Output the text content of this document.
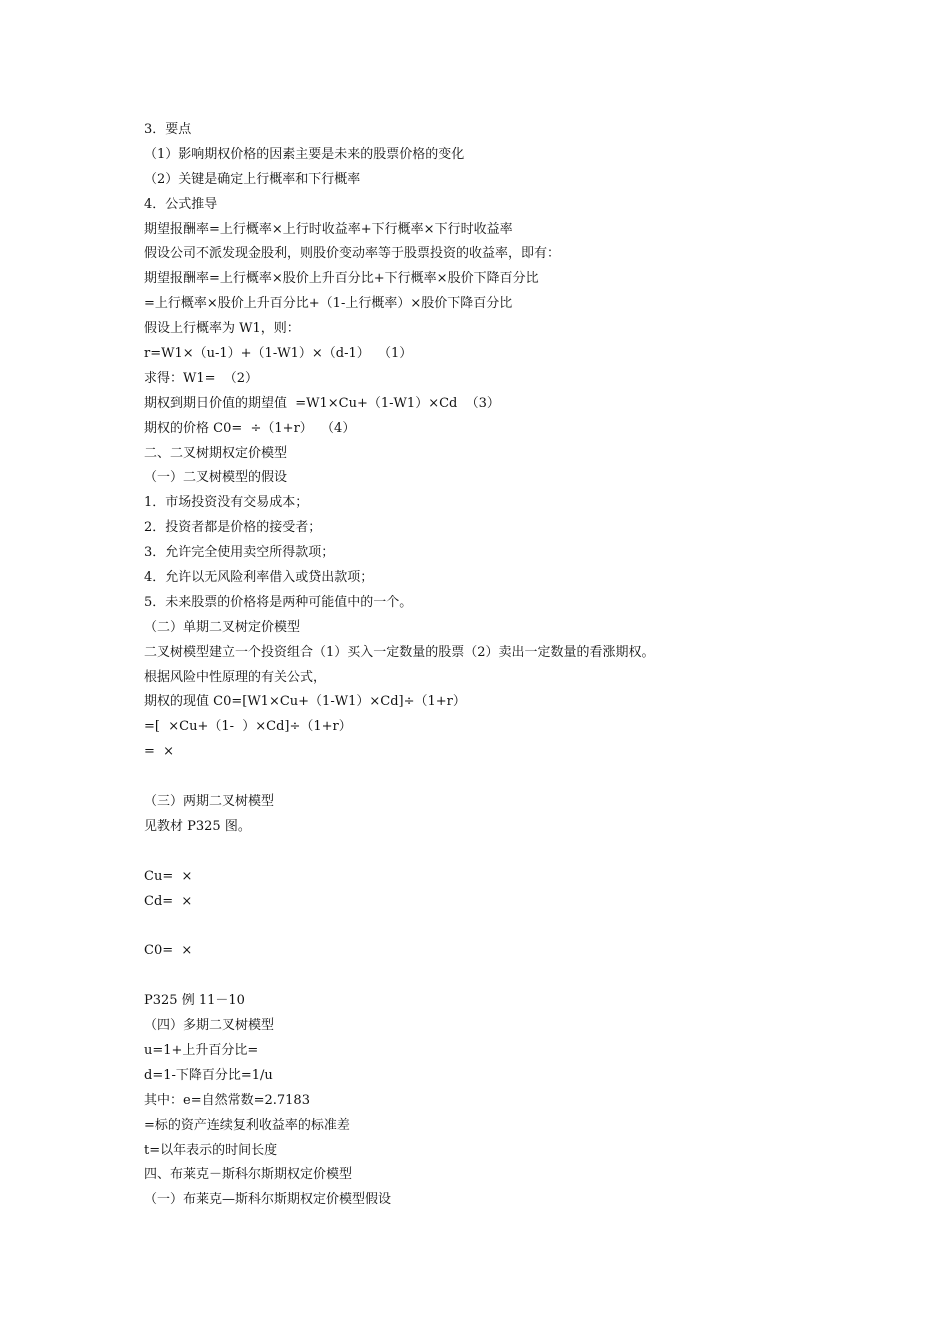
3．要点
（1）影响期权价格的因素主要是未来的股票价格的变化
（2）关键是确定上行概率和下行概率
4．公式推导
期望报酬率=上行概率×上行时收益率+下行概率×下行时收益率
假设公司不派发现金股利，则股价变动率等于股票投资的收益率，即有：
期望报酬率=上行概率×股价上升百分比+下行概率×股价下降百分比
=上行概率×股价上升百分比+（1-上行概率）×股价下降百分比
假设上行概率为 W1，则：
r=W1×（u-1）+（1-W1）×（d-1）  （1）
求得：W1=  （2）
期权到期日价值的期望值  =W1×Cu+（1-W1）×Cd  （3）
期权的价格 C0=  ÷（1+r）  （4）
二、二叉树期权定价模型
（一）二叉树模型的假设
1．市场投资没有交易成本；
2．投资者都是价格的接受者；
3．允许完全使用卖空所得款项；
4．允许以无风险利率借入或贷出款项；
5．未来股票的价格将是两种可能值中的一个。
（二）单期二叉树定价模型
二叉树模型建立一个投资组合（1）买入一定数量的股票（2）卖出一定数量的看涨期权。
根据风险中性原理的有关公式，
期权的现值 C0=[W1×Cu+（1-W1）×Cd]÷（1+r）
=[  ×Cu+（1-  ）×Cd]÷（1+r）
=  ×
（三）两期二叉树模型
见教材 P325 图。
Cu=  ×
Cd=  ×
C0=  ×
P325 例 11－10
（四）多期二叉树模型
u=1+上升百分比=
d=1-下降百分比=1/u
其中：e=自然常数=2.7183
=标的资产连续复利收益率的标准差
t=以年表示的时间长度
四、布莱克－斯科尔斯期权定价模型
（一）布莱克—斯科尔斯期权定价模型假设
